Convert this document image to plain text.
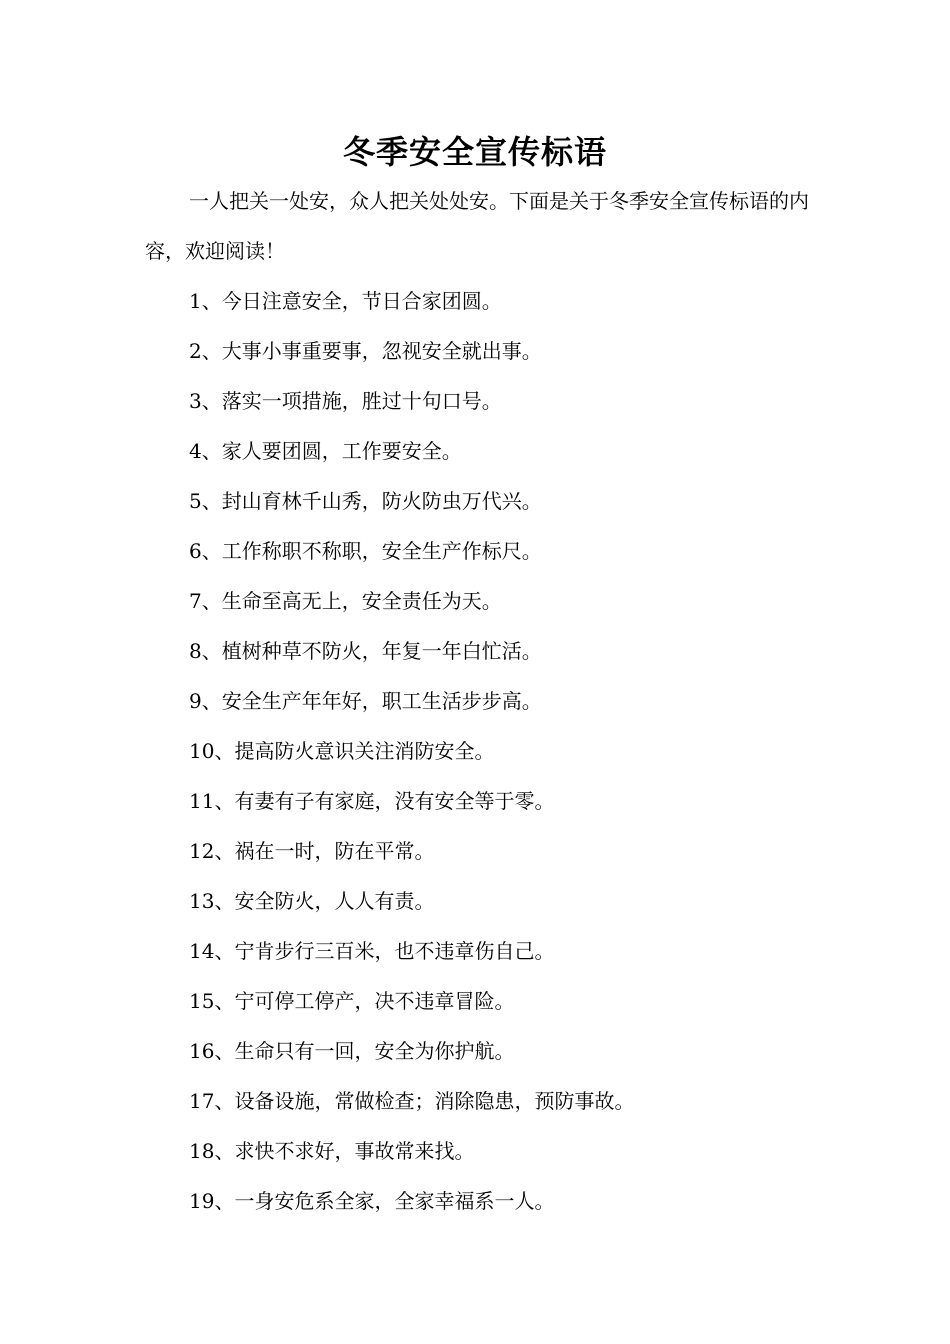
冬季安全宣传标语

一人把关一处安，众人把关处处安。下面是关于冬季安全宣传标语的内容，欢迎阅读！

1、今日注意安全，节日合家团圆。
2、大事小事重要事，忽视安全就出事。
3、落实一项措施，胜过十句口号。
4、家人要团圆，工作要安全。
5、封山育林千山秀，防火防虫万代兴。
6、工作称职不称职，安全生产作标尺。
7、生命至高无上，安全责任为天。
8、植树种草不防火，年复一年白忙活。
9、安全生产年年好，职工生活步步高。
10、提高防火意识关注消防安全。
11、有妻有子有家庭，没有安全等于零。
12、祸在一时，防在平常。
13、安全防火，人人有责。
14、宁肯步行三百米，也不违章伤自己。
15、宁可停工停产，决不违章冒险。
16、生命只有一回，安全为你护航。
17、设备设施，常做检查；消除隐患，预防事故。
18、求快不求好，事故常来找。
19、一身安危系全家，全家幸福系一人。
